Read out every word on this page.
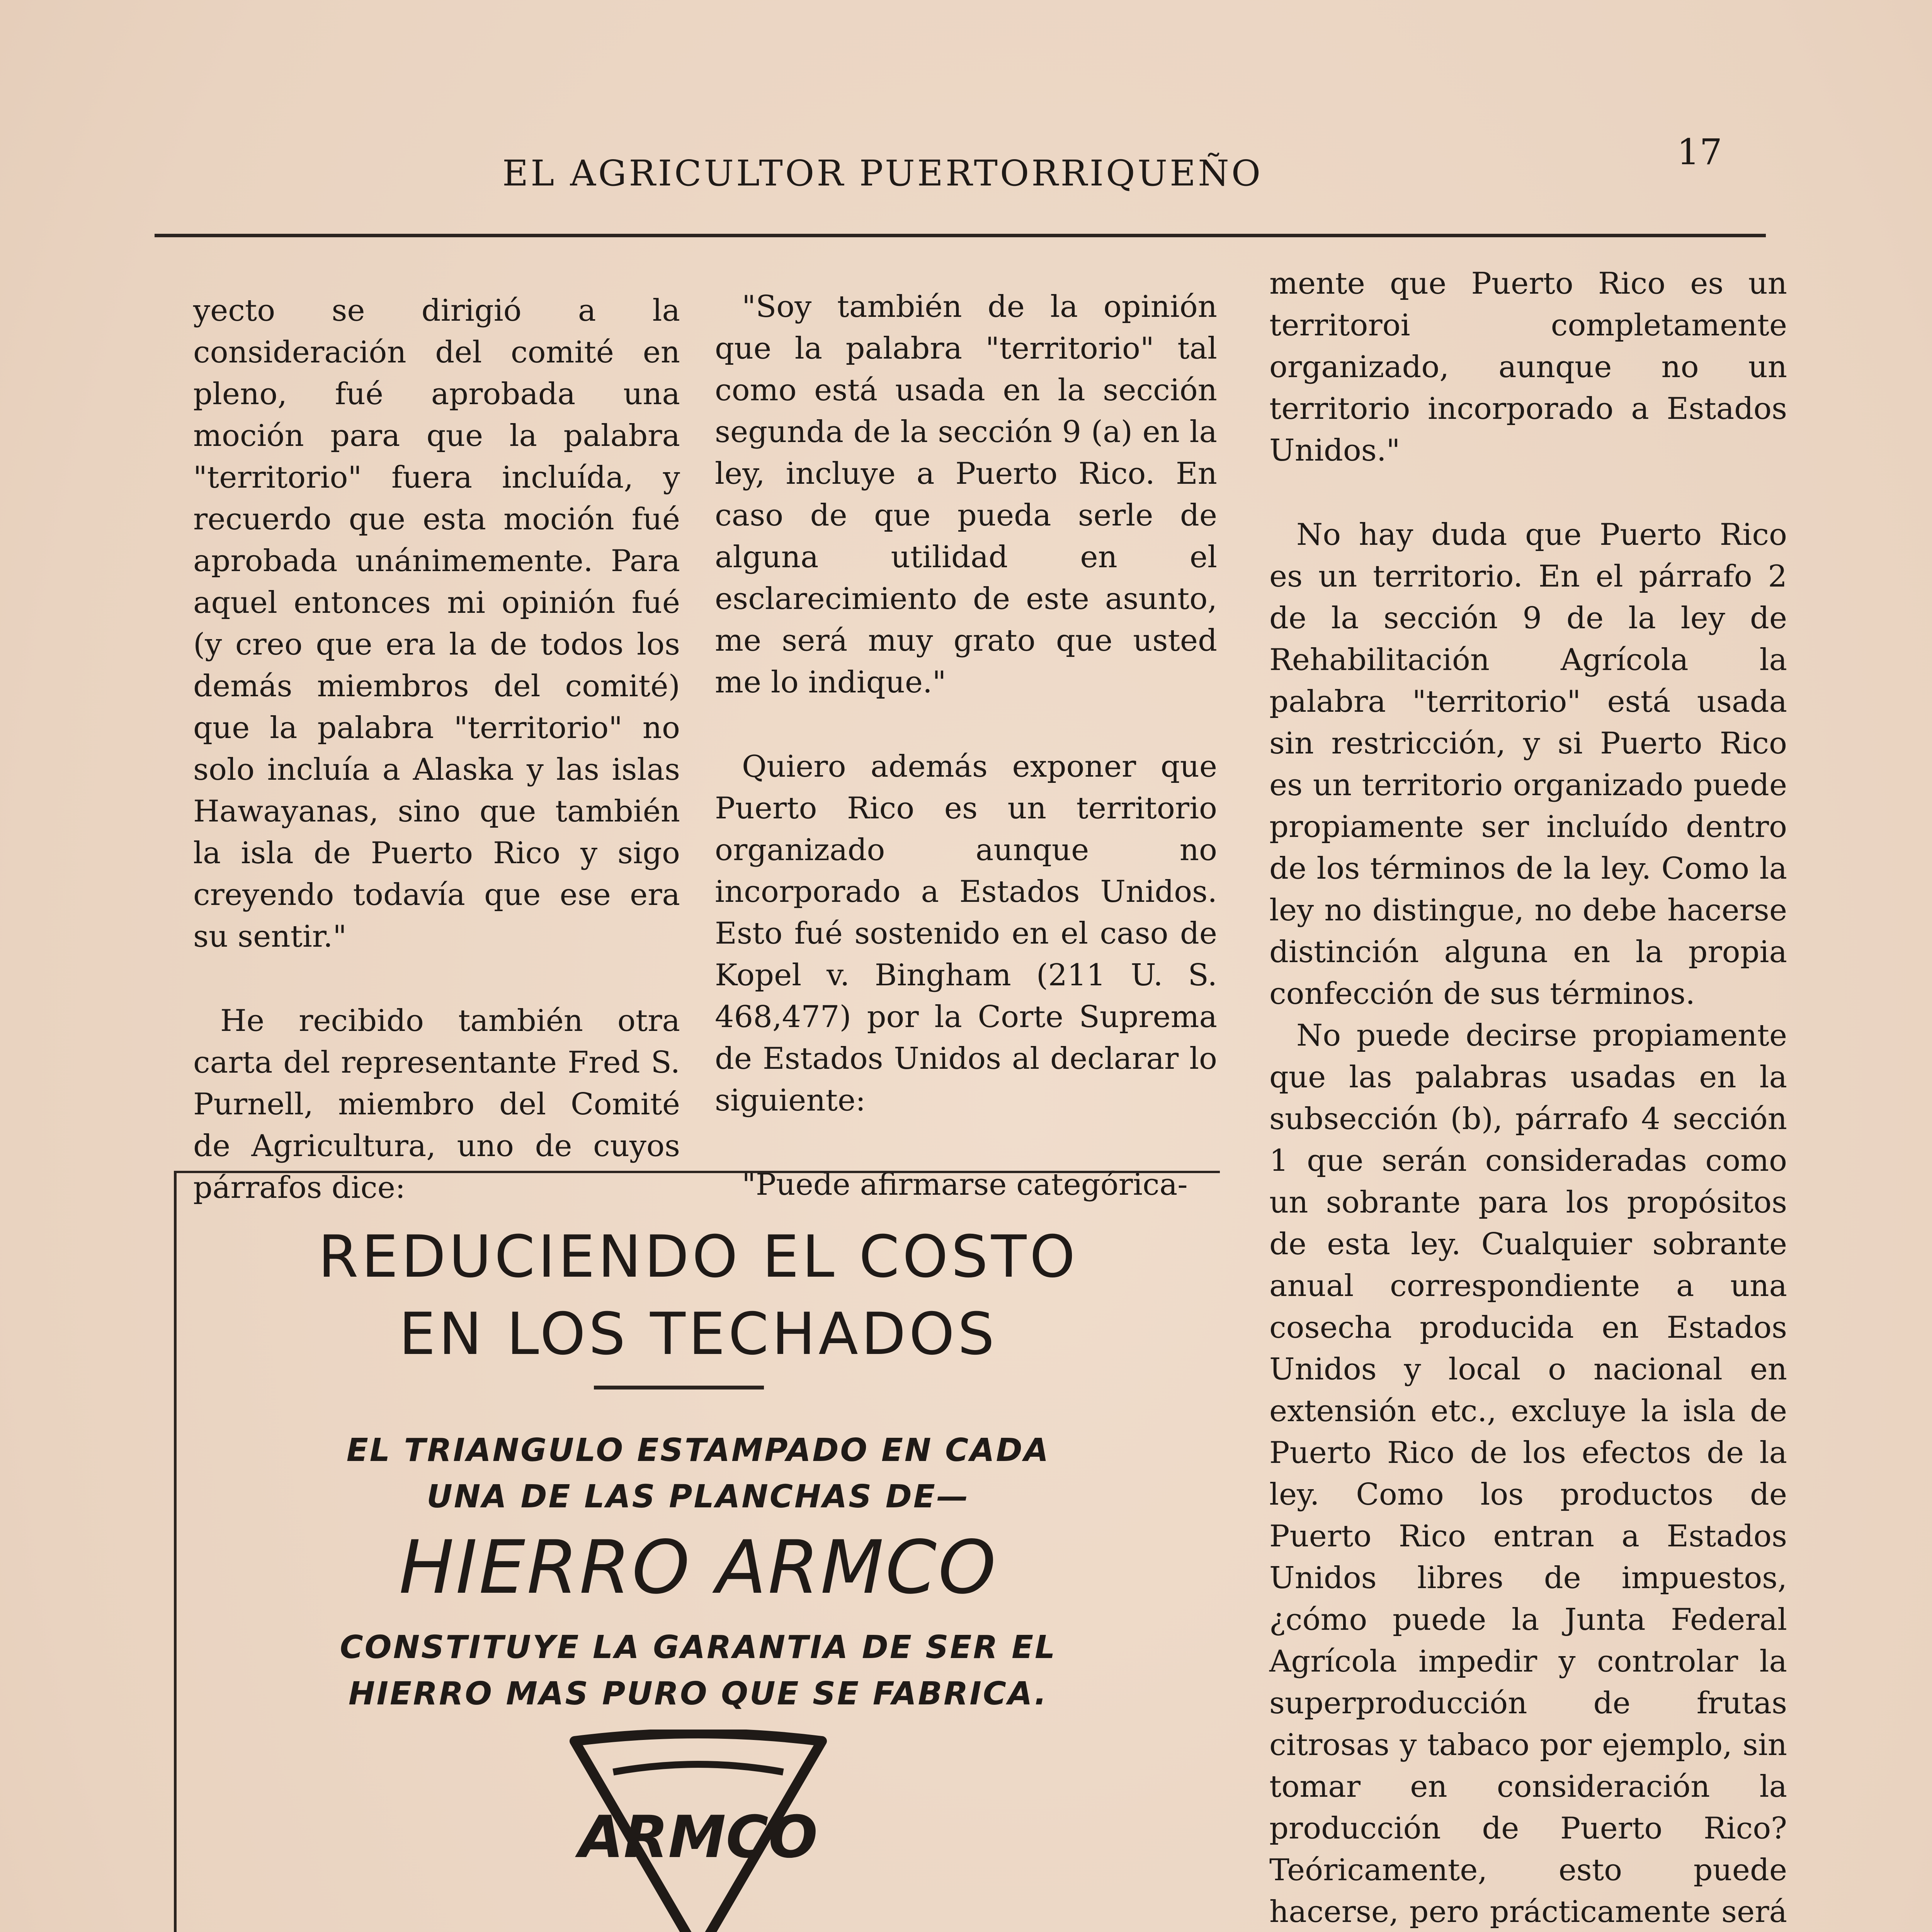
EL AGRICULTOR PUERTORRIQUEÑO
17

yecto se dirigió a la consideración del comité en pleno, fué aprobada una moción para que la palabra "territorio" fuera incluída, y recuerdo que esta moción fué aprobada unánimemente. Para aquel entonces mi opinión fué (y creo que era la de todos los demás miembros del comité) que la palabra "territorio" no solo incluía a Alaska y las islas Hawayanas, sino que también la isla de Puerto Rico y sigo creyendo todavía que ese era su sentir."

He recibido también otra carta del representante Fred S. Purnell, miembro del Comité de Agricultura, uno de cuyos párrafos dice:

"Soy también de la opinión que la palabra "territorio" tal como está usada en la sección segunda de la sección 9 (a) en la ley, incluye a Puerto Rico. En caso de que pueda serle de alguna utilidad en el esclarecimiento de este asunto, me será muy grato que usted me lo indique."

Quiero además exponer que Puerto Rico es un territorio organizado aunque no incorporado a Estados Unidos. Esto fué sostenido en el caso de Kopel v. Bingham (211 U. S. 468,477) por la Corte Suprema de Estados Unidos al declarar lo siguiente:

"Puede afirmarse categórica-

mente que Puerto Rico es un territoroi completamente organizado, aunque no un territorio incorporado a Estados Unidos."

No hay duda que Puerto Rico es un territorio. En el párrafo 2 de la sección 9 de la ley de Rehabilitación Agrícola la palabra "territorio" está usada sin restricción, y si Puerto Rico es un territorio organizado puede propiamente ser incluído dentro de los términos de la ley. Como la ley no distingue, no debe hacerse distinción alguna en la propia confección de sus términos.

No puede decirse propiamente que las palabras usadas en la subsección (b), párrafo 4 sección 1 que serán consideradas como un sobrante para los propósitos de esta ley. Cualquier sobrante anual correspondiente a una cosecha producida en Estados Unidos y local o nacional en extensión etc., excluye la isla de Puerto Rico de los efectos de la ley. Como los productos de Puerto Rico entran a Estados Unidos libres de impuestos, ¿cómo puede la Junta Federal Agrícola impedir y controlar la superproducción de frutas citrosas y tabaco por ejemplo, sin tomar en consideración la producción de Puerto Rico? Teóricamente, esto puede hacerse, pero prácticamente será

REDUCIENDO EL COSTO
EN LOS TECHADOS
EL TRIANGULO ESTAMPADO EN CADA
UNA DE LAS PLANCHAS DE—
HIERRO ARMCO
CONSTITUYE LA GARANTIA DE SER EL
HIERRO MAS PURO QUE SE FABRICA.
ARMCO
